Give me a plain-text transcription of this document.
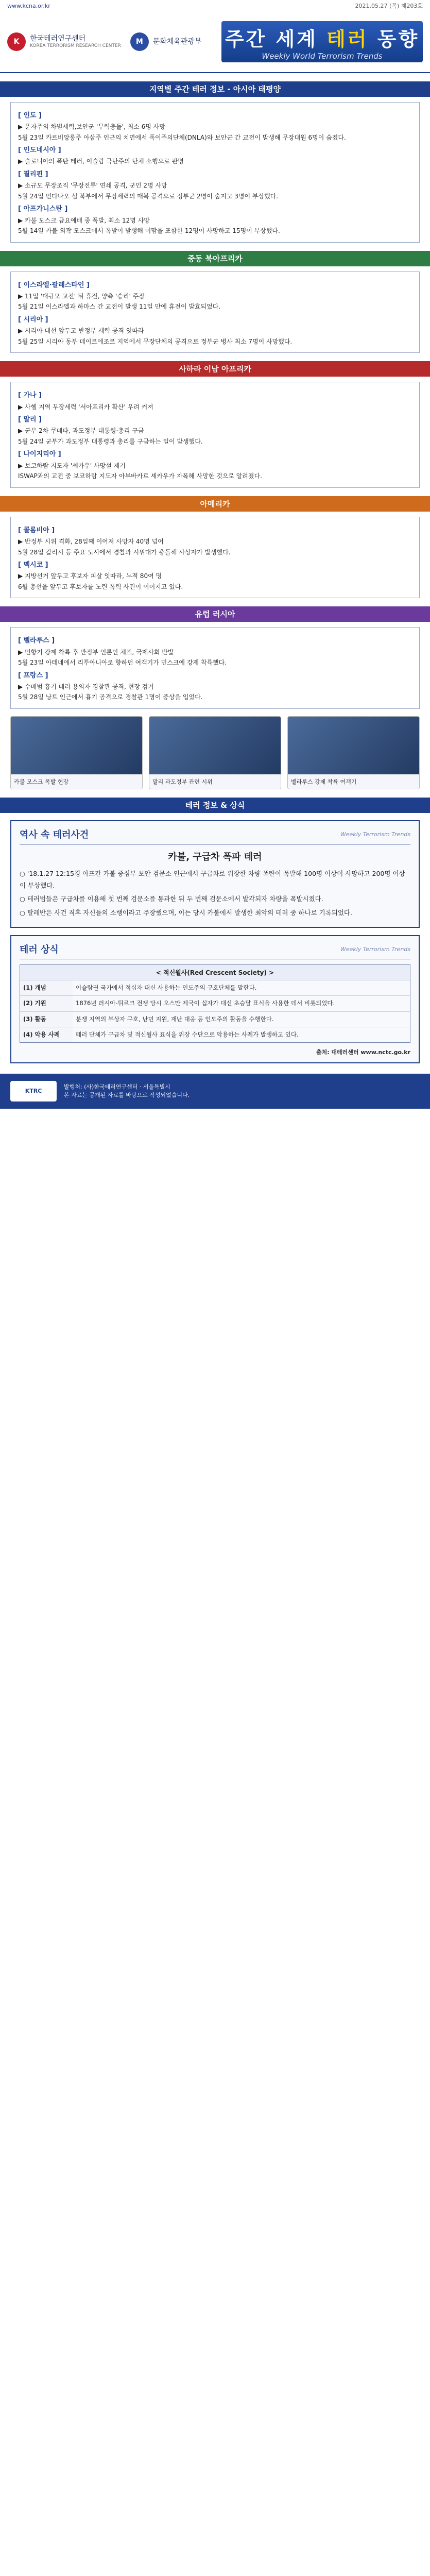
www.kcna.or.kr	2021.05.27 (목) 제203호
K	한국테러연구센터
KOREA TERRORISM RESEARCH CENTER	M	문화체육관광부 주간 세계 테러 동향
Weekly World Terrorism Trends
지역별 주간 테러 정보 - 아시아 태평양
[ 인도 ]

▶ 푼자주의 차별세력,보안군 '무력충돌', 최소 6명 사망

5월 23일 카르비앙롱주 아삼주 인근의 치면에서 폭이주의단체(DNLA)와 보안군 간 교전이 발생해 무장대원 6명이 숨졌다.

[ 인도네시아 ]

▶ 슬로니아의 폭탄 테러, 이슬람 극단주의 단체 소행으로 판명

[ 필리핀 ]

▶ 소규모 무장조직 '무장전투' 연쇄 공격, 군인 2명 사망

5월 24일 민다나오 섬 북부에서 무장세력의 매복 공격으로 정부군 2명이 숨지고 3명이 부상했다.

[ 아프가니스탄 ]

▶ 카불 모스크 금요예배 중 폭발, 최소 12명 사망

5월 14일 카불 외곽 모스크에서 폭발이 발생해 이맘을 포함한 12명이 사망하고 15명이 부상했다.

중동 북아프리카
[ 이스라엘·팔레스타인 ]

▶ 11일 '대규모 교전' 뒤 휴전, 양측 '승리' 주장

5월 21일 이스라엘과 하마스 간 교전이 발생 11일 만에 휴전이 발효되었다.

[ 시리아 ]

▶ 시리아 대선 앞두고 반정부 세력 공격 잇따라

5월 25일 시리아 동부 데이르에조르 지역에서 무장단체의 공격으로 정부군 병사 최소 7명이 사망했다.

사하라 이남 아프리카
[ 가나 ]

▶ 사헬 지역 무장세력 '서아프리카 확산' 우려 커져

[ 말리 ]

▶ 군부 2차 쿠데타, 과도정부 대통령·총리 구금

5월 24일 군부가 과도정부 대통령과 총리를 구금하는 일이 발생했다.

[ 나이지리아 ]

▶ 보코하람 지도자 '셰카우' 사망설 제기

ISWAP과의 교전 중 보코하람 지도자 아부바카르 셰카우가 자폭해 사망한 것으로 알려졌다.

아메리카
[ 콜롬비아 ]

▶ 반정부 시위 격화, 28일째 이어져 사망자 40명 넘어

5월 28일 칼리시 등 주요 도시에서 경찰과 시위대가 충돌해 사상자가 발생했다.

[ 멕시코 ]

▶ 지방선거 앞두고 후보자 피살 잇따라, 누적 80여 명

6월 총선을 앞두고 후보자를 노린 폭력 사건이 이어지고 있다.

유럽 러시아
[ 벨라루스 ]

▶ 민항기 강제 착륙 후 반정부 언론인 체포, 국제사회 반발

5월 23일 아테네에서 리투아니아로 향하던 여객기가 민스크에 강제 착륙했다.

[ 프랑스 ]

▶ 수배범 흉기 테러 용의자 경찰관 공격, 현장 검거

5월 28일 낭트 인근에서 흉기 공격으로 경찰관 1명이 중상을 입었다.

카불 모스크 폭발 현장	말리 과도정부 관련 시위	벨라루스 강제 착륙 여객기
테러 정보 & 상식
역사 속 테러사건	Weekly Terrorism Trends
카불, 구급차 폭파 테러

○ '18.1.27 12:15경 아프간 카불 중심부 보안 검문소 인근에서 구급차로 위장한 차량 폭탄이 폭발해 100명 이상이 사망하고 200명 이상이 부상했다.

○ 테러범들은 구급차를 이용해 첫 번째 검문소를 통과한 뒤 두 번째 검문소에서 발각되자 차량을 폭발시켰다.

○ 탈레반은 사건 직후 자신들의 소행이라고 주장했으며, 이는 당시 카불에서 발생한 최악의 테러 중 하나로 기록되었다.

테러 상식	Weekly Terrorism Trends
< 적신월사(Red Crescent Society) >
(1) 개념	이슬람권 국가에서 적십자 대신 사용하는 인도주의 구호단체를 말한다.
(2) 기원	1876년 러시아-튀르크 전쟁 당시 오스만 제국이 십자가 대신 초승달 표식을 사용한 데서 비롯되었다.
(3) 활동	분쟁 지역의 부상자 구호, 난민 지원, 재난 대응 등 인도주의 활동을 수행한다.
(4) 악용 사례	테러 단체가 구급차 및 적신월사 표식을 위장 수단으로 악용하는 사례가 발생하고 있다.
출처: 대테러센터 www.nctc.go.kr
KTRC
발행처: (사)한국테러연구센터 · 서울특별시
본 자료는 공개된 자료를 바탕으로 작성되었습니다.
